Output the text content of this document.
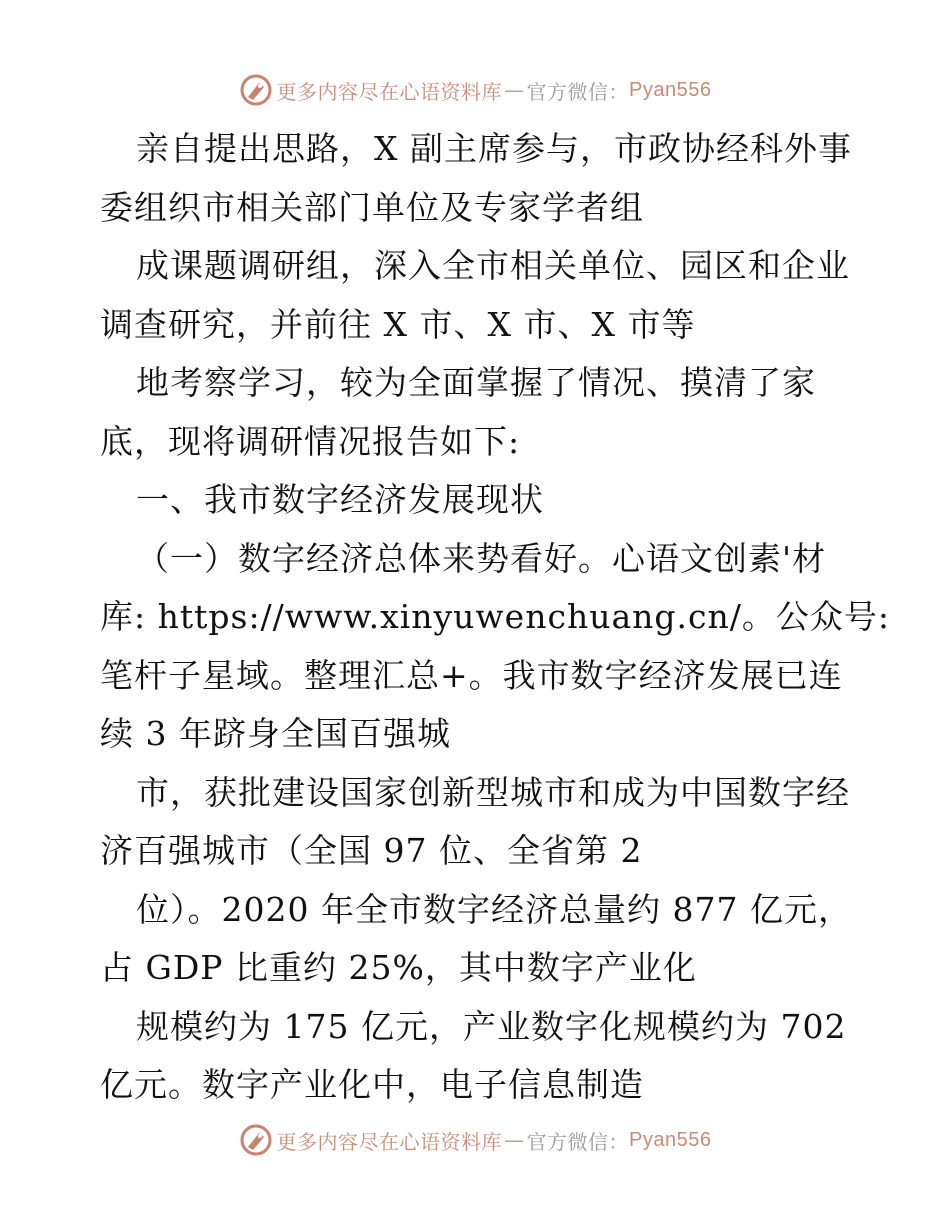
更多内容尽在心语资料库 — 官方微信： Pyan556
亲自提出思路，X 副主席参与，市政协经科外事
委组织市相关部门单位及专家学者组
成课题调研组，深入全市相关单位、园区和企业
调查研究，并前往 X 市、X 市、X 市等
地考察学习，较为全面掌握了情况、摸清了家
底，现将调研情况报告如下:
一、我市数字经济发展现状
（一）数字经济总体来势看好。心语文创素'材
库: https://www.xinyuwenchuang.cn/。公众号:
笔杆子星域。整理汇总+。我市数字经济发展已连
续 3 年跻身全国百强城
市，获批建设国家创新型城市和成为中国数字经
济百强城市（全国 97 位、全省第 2
位）。2020 年全市数字经济总量约 877 亿元，
占 GDP 比重约 25%，其中数字产业化
规模约为 175 亿元，产业数字化规模约为 702
亿元。数字产业化中，电子信息制造
更多内容尽在心语资料库 — 官方微信： Pyan556
